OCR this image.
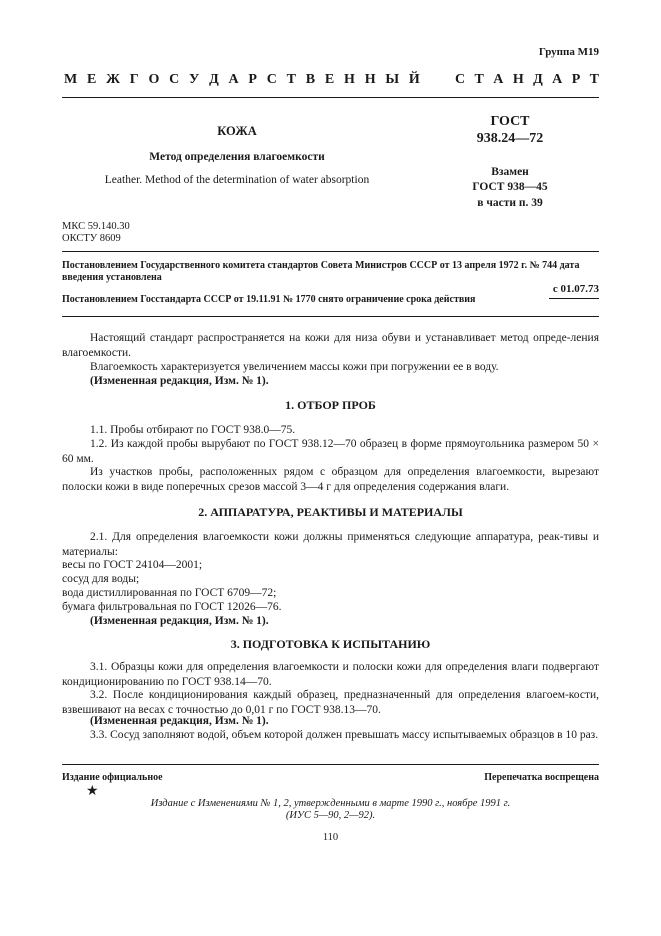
Группа М19
М Е Ж Г О С У Д А Р С Т В Е Н Н Ы Й	С Т А Н Д А Р Т
КОЖА
Метод определения влагоемкости
Leather. Method of the determination of water absorption
ГОСТ
938.24—72
Взамен
ГОСТ 938—45
в части п. 39
МКС 59.140.30
ОКСТУ 8609
Постановлением Государственного комитета стандартов Совета Министров СССР от 13 апреля 1972 г. № 744 дата
введения установлена
с 01.07.73
Постановлением Госстандарта СССР от 19.11.91 № 1770 снято ограничение срока действия
Настоящий стандарт распространяется на кожи для низа обуви и устанавливает метод опреде-ления влагоемкости.
Влагоемкость характеризуется увеличением массы кожи при погружении ее в воду.
(Измененная редакция, Изм. № 1).
1. ОТБОР ПРОБ
1.1. Пробы отбирают по ГОСТ 938.0—75.
1.2. Из каждой пробы вырубают по ГОСТ 938.12—70 образец в форме прямоугольника размером 50 × 60 мм.
Из участков пробы, расположенных рядом с образцом для определения влагоемкости, вырезают полоски кожи в виде поперечных срезов массой 3—4 г для определения содержания влаги.
2. АППАРАТУРА, РЕАКТИВЫ И МАТЕРИАЛЫ
2.1. Для определения влагоемкости кожи должны применяться следующие аппаратура, реак-тивы и материалы:
весы по ГОСТ 24104—2001;
сосуд для воды;
вода дистиллированная по ГОСТ 6709—72;
бумага фильтровальная по ГОСТ 12026—76.
(Измененная редакция, Изм. № 1).
3. ПОДГОТОВКА К ИСПЫТАНИЮ
3.1. Образцы кожи для определения влагоемкости и полоски кожи для определения влаги подвергают кондиционированию по ГОСТ 938.14—70.
3.2. После кондиционирования каждый образец, предназначенный для определения влагоем-кости, взвешивают на весах с точностью до 0,01 г по ГОСТ 938.13—70.
(Измененная редакция, Изм. № 1).
3.3. Сосуд заполняют водой, объем которой должен превышать массу испытываемых образцов в 10 раз.
Издание официальное	Перепечатка воспрещена
★
Издание с Изменениями № 1, 2, утвержденными в марте 1990 г., ноябре 1991 г.
(ИУС 5—90, 2—92).
110
